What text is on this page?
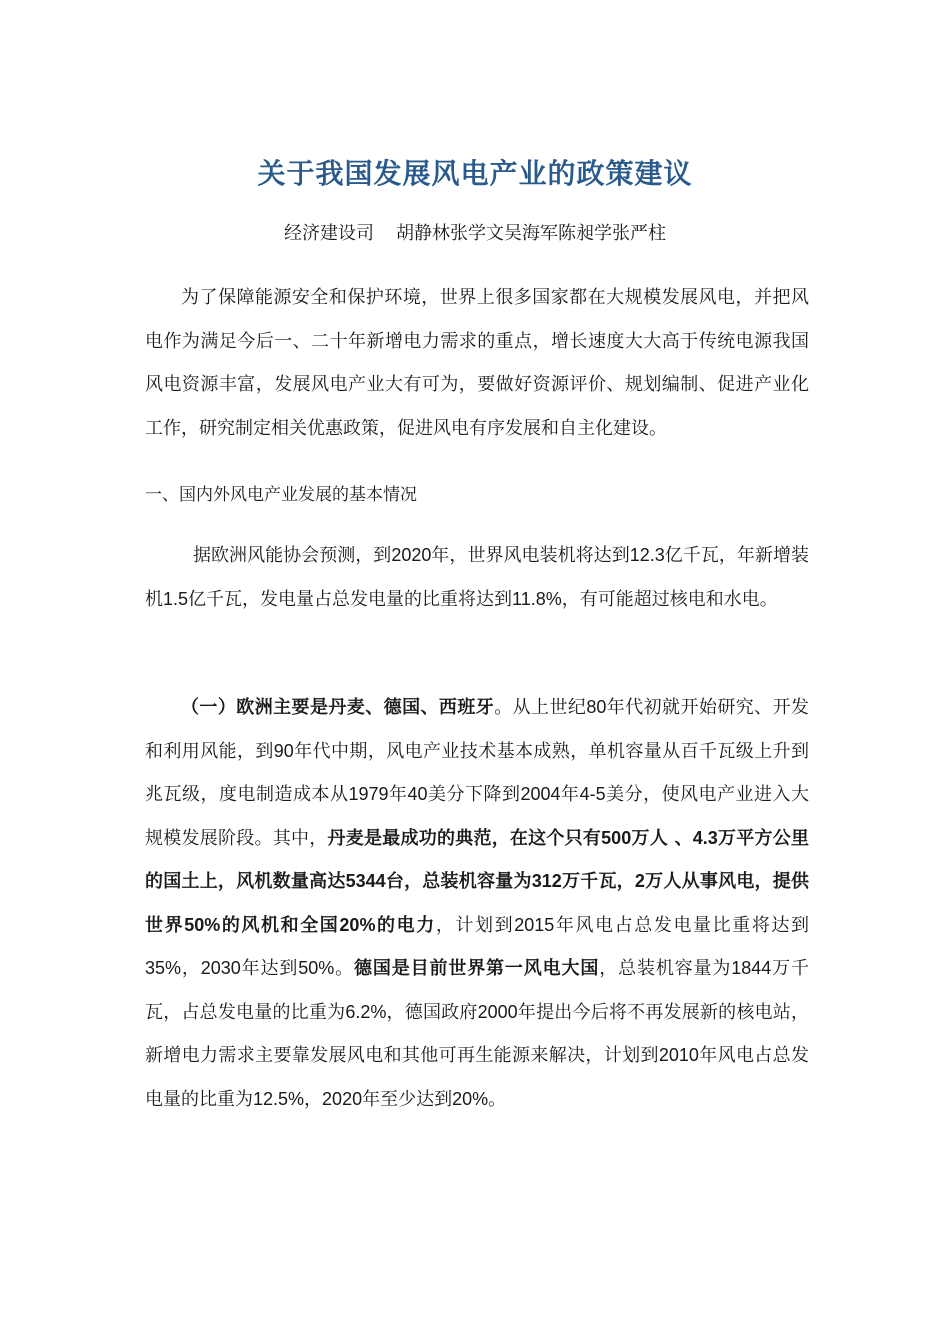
关于我国发展风电产业的政策建议
经济建设司 胡静林张学文吴海军陈昶学张严柱

为了保障能源安全和保护环境，世界上很多国家都在大规模发展风电，并把风电作为满足今后一、二十年新增电力需求的重点，增长速度大大高于传统电源我国风电资源丰富，发展风电产业大有可为，要做好资源评价、规划编制、促进产业化工作，研究制定相关优惠政策，促进风电有序发展和自主化建设。

一、国内外风电产业发展的基本情况

据欧洲风能协会预测，到2020年，世界风电装机将达到12.3亿千瓦，年新增装机1.5亿千瓦，发电量占总发电量的比重将达到11.8%，有可能超过核电和水电。

（一）欧洲主要是丹麦、德国、西班牙。从上世纪80年代初就开始研究、开发和利用风能，到90年代中期，风电产业技术基本成熟，单机容量从百千瓦级上升到兆瓦级，度电制造成本从1979年40美分下降到2004年4-5美分，使风电产业进入大规模发展阶段。其中，丹麦是最成功的典范，在这个只有500万人 、4.3万平方公里的国土上，风机数量高达5344台，总装机容量为312万千瓦，2万人从事风电，提供世界50%的风机和全国20%的电力，计划到2015年风电占总发电量比重将达到35%，2030年达到50%。德国是目前世界第一风电大国，总装机容量为1844万千瓦，占总发电量的比重为6.2%，德国政府2000年提出今后将不再发展新的核电站，新增电力需求主要靠发展风电和其他可再生能源来解决，计划到2010年风电占总发电量的比重为12.5%，2020年至少达到20%。
